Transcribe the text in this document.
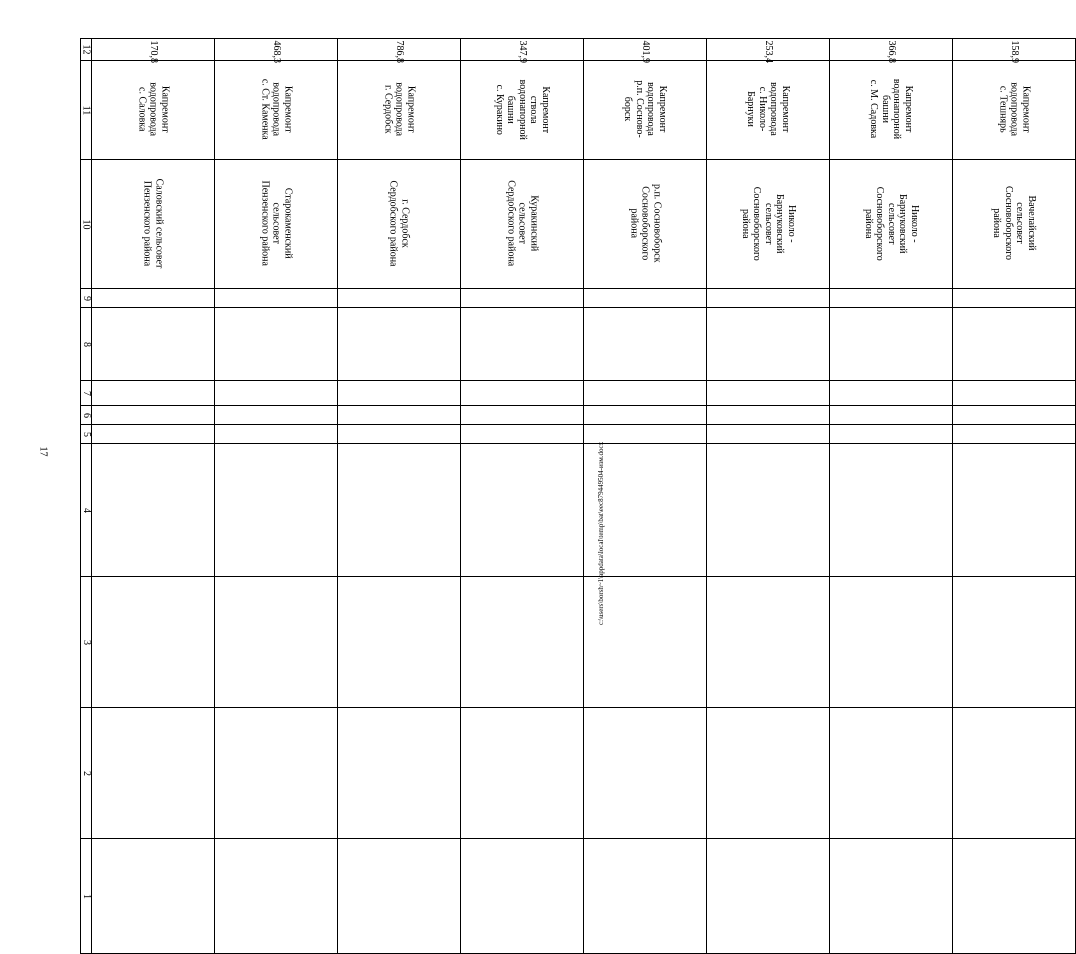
17
12	170,8	468,3	786,8	347,9	401,9	253,4	366,8	158,9
11	Капремонт
водопровода
с. Саловка	Капремонт
водопровода
с. Ст. Каменка	Капремонт
водопровода
г. Сердобск	Капремонт
ствола
водонапорной
башни
с. Куракино	Капремонт
водопровода
р.п. Сосново-
борск	Капремонт
водопровода
с. Николо-
Барнуки	Капремонт
водонапорной
башни
с. М. Садовка	Капремонт
водопровода
с. Тешнярь
10	Саловский сельсовет
Пензенского района	Старокаменский
сельсовет
Пензенского района	г. Сердобск
Сердобского района	Куракинский
сельсовет
Сердобского района	р.п. Сосновоборск
Сосновоборского
района	Николо -
Барнуковский
сельсовет
Сосновоборского
района	Николо -
Барнуковский
сельсовет
Сосновоборского
района	Вачелайский
сельсовет
Сосновоборского
района
9								
8								
7								
6								
5								
4								
3								
2								
1								
c:\users\borsh~1\appdata\local\temp\bat\eec879449504-изм.docx
